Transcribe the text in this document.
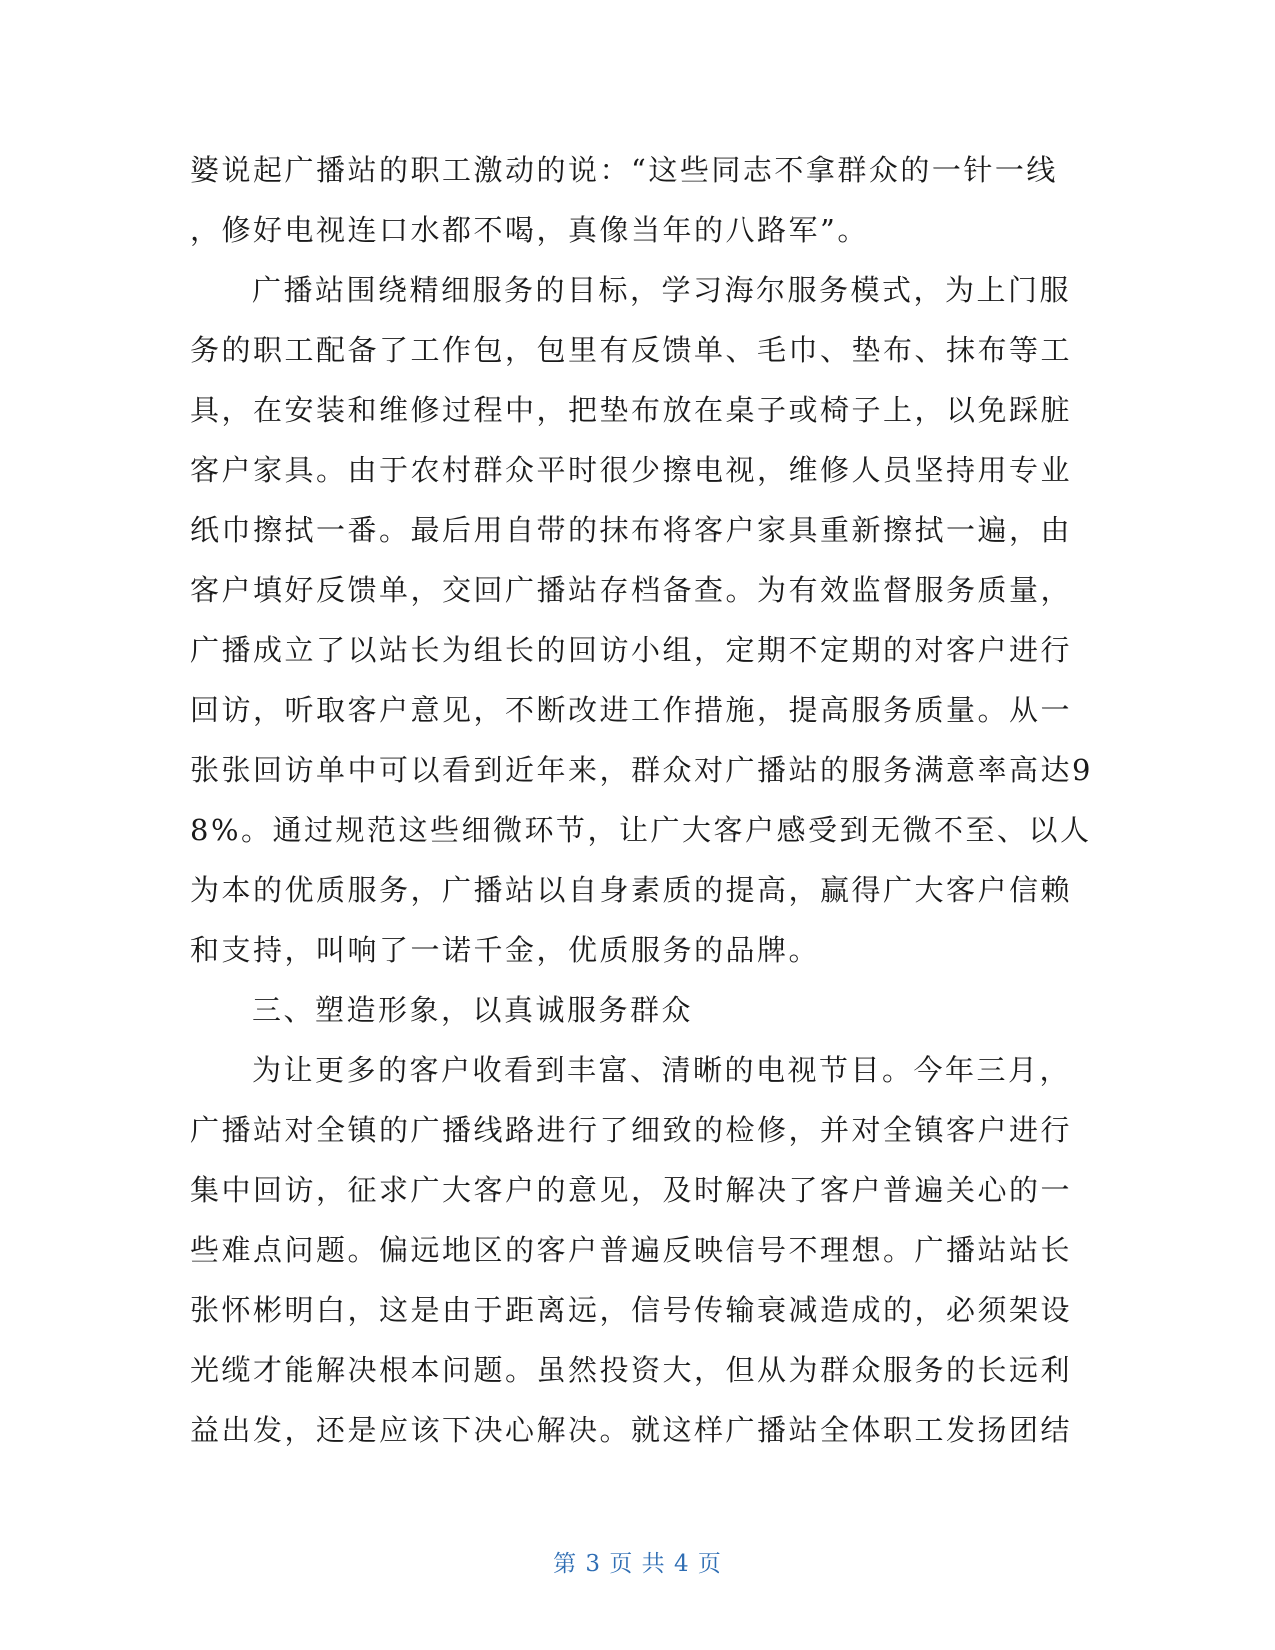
婆说起广播站的职工激动的说：“这些同志不拿群众的一针一线
，修好电视连口水都不喝，真像当年的八路军”。
广播站围绕精细服务的目标，学习海尔服务模式，为上门服
务的职工配备了工作包，包里有反馈单、毛巾、垫布、抹布等工
具，在安装和维修过程中，把垫布放在桌子或椅子上，以免踩脏
客户家具。由于农村群众平时很少擦电视，维修人员坚持用专业
纸巾擦拭一番。最后用自带的抹布将客户家具重新擦拭一遍，由
客户填好反馈单，交回广播站存档备查。为有效监督服务质量，
广播成立了以站长为组长的回访小组，定期不定期的对客户进行
回访，听取客户意见，不断改进工作措施，提高服务质量。从一
张张回访单中可以看到近年来，群众对广播站的服务满意率高达9
8%。通过规范这些细微环节，让广大客户感受到无微不至、以人
为本的优质服务，广播站以自身素质的提高，赢得广大客户信赖
和支持，叫响了一诺千金，优质服务的品牌。
三、塑造形象，以真诚服务群众
为让更多的客户收看到丰富、清晰的电视节目。今年三月，
广播站对全镇的广播线路进行了细致的检修，并对全镇客户进行
集中回访，征求广大客户的意见，及时解决了客户普遍关心的一
些难点问题。偏远地区的客户普遍反映信号不理想。广播站站长
张怀彬明白，这是由于距离远，信号传输衰减造成的，必须架设
光缆才能解决根本问题。虽然投资大，但从为群众服务的长远利
益出发，还是应该下决心解决。就这样广播站全体职工发扬团结
第 3 页 共 4 页
